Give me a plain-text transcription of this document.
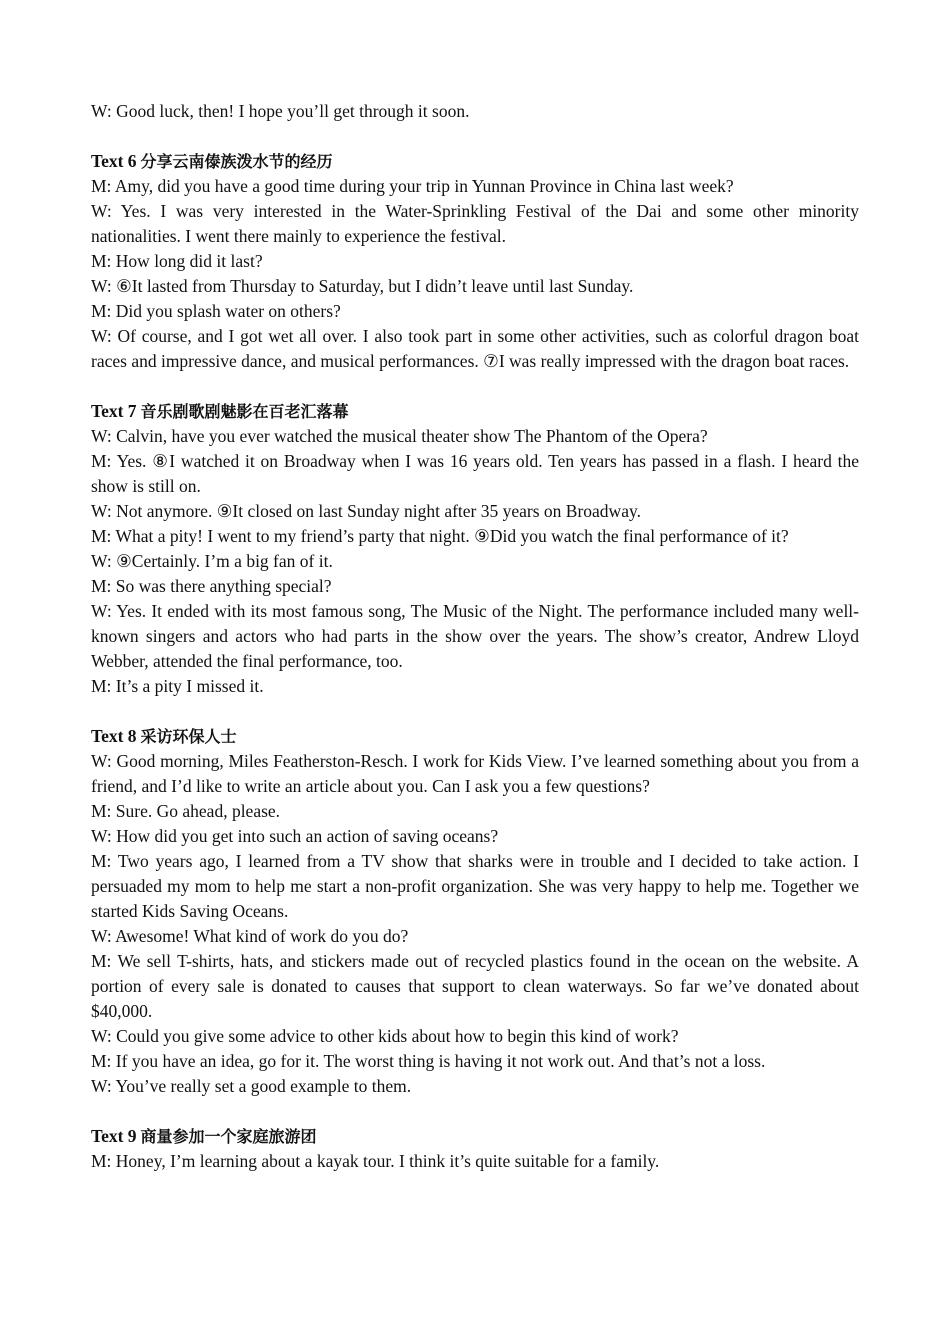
W: Good luck, then! I hope you’ll get through it soon.

Text 6 分享云南傣族泼水节的经历

M: Amy, did you have a good time during your trip in Yunnan Province in China last week?

W: Yes. I was very interested in the Water-Sprinkling Festival of the Dai and some other minority nationalities. I went there mainly to experience the festival.

M: How long did it last?

W: ⑥It lasted from Thursday to Saturday, but I didn’t leave until last Sunday.

M: Did you splash water on others?

W: Of course, and I got wet all over. I also took part in some other activities, such as colorful dragon boat races and impressive dance, and musical performances. ⑦I was really impressed with the dragon boat races.

Text 7 音乐剧歌剧魅影在百老汇落幕

W: Calvin, have you ever watched the musical theater show The Phantom of the Opera?

M: Yes. ⑧I watched it on Broadway when I was 16 years old. Ten years has passed in a flash. I heard the show is still on.

W: Not anymore. ⑨It closed on last Sunday night after 35 years on Broadway.

M: What a pity! I went to my friend’s party that night. ⑨Did you watch the final performance of it?

W: ⑨Certainly. I’m a big fan of it.

M: So was there anything special?

W: Yes. It ended with its most famous song, The Music of the Night. The performance included many well-known singers and actors who had parts in the show over the years. The show’s creator, Andrew Lloyd Webber, attended the final performance, too.

M: It’s a pity I missed it.

Text 8 采访环保人士

W: Good morning, Miles Featherston-Resch. I work for Kids View. I’ve learned something about you from a friend, and I’d like to write an article about you. Can I ask you a few questions?

M: Sure. Go ahead, please.

W: How did you get into such an action of saving oceans?

M: Two years ago, I learned from a TV show that sharks were in trouble and I decided to take action. I persuaded my mom to help me start a non-profit organization. She was very happy to help me. Together we started Kids Saving Oceans.

W: Awesome! What kind of work do you do?

M: We sell T-shirts, hats, and stickers made out of recycled plastics found in the ocean on the website. A portion of every sale is donated to causes that support to clean waterways. So far we’ve donated about $40,000.

W: Could you give some advice to other kids about how to begin this kind of work?

M: If you have an idea, go for it. The worst thing is having it not work out. And that’s not a loss.

W: You’ve really set a good example to them.

Text 9 商量参加一个家庭旅游团

M: Honey, I’m learning about a kayak tour. I think it’s quite suitable for a family.
